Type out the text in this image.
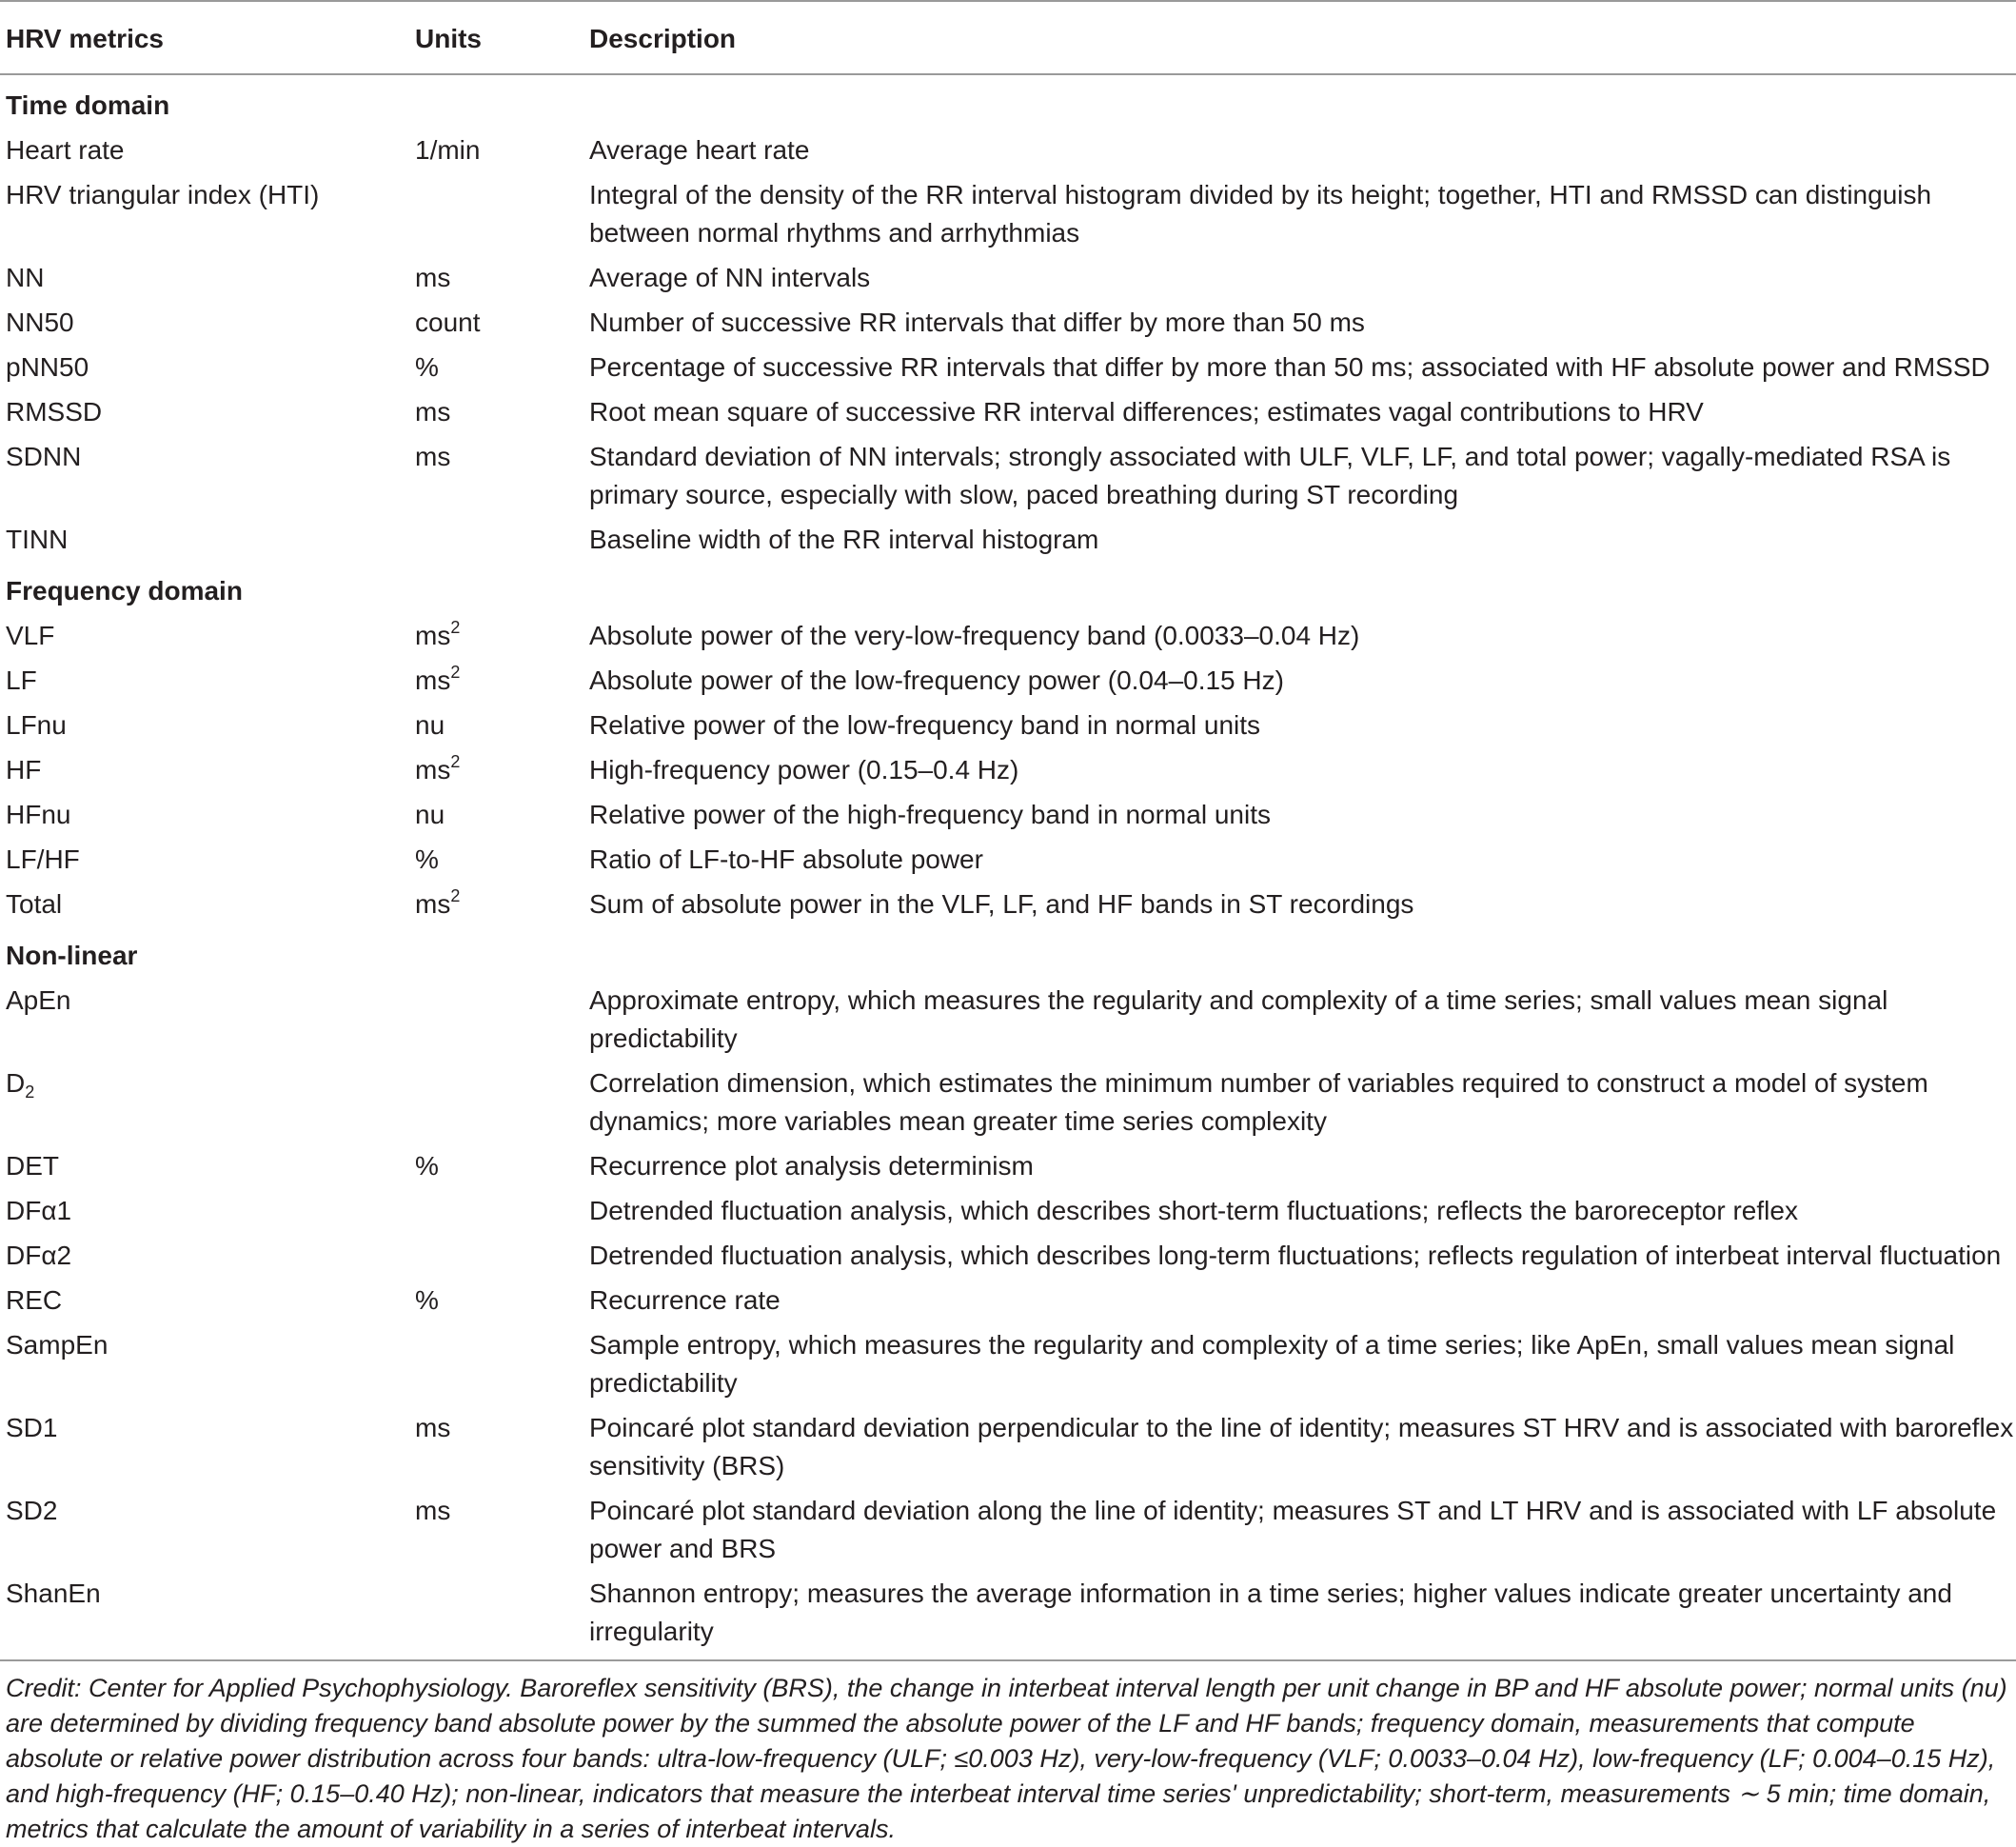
HRV metrics	Units	Description
Time domain		
Heart rate	1/min	Average heart rate
HRV triangular index (HTI)		Integral of the density of the RR interval histogram divided by its height; together, HTI and RMSSD can distinguish between normal rhythms and arrhythmias
NN	ms	Average of NN intervals
NN50	count	Number of successive RR intervals that differ by more than 50 ms
pNN50	%	Percentage of successive RR intervals that differ by more than 50 ms; associated with HF absolute power and RMSSD
RMSSD	ms	Root mean square of successive RR interval differences; estimates vagal contributions to HRV
SDNN	ms	Standard deviation of NN intervals; strongly associated with ULF, VLF, LF, and total power; vagally-mediated RSA is primary source, especially with slow, paced breathing during ST recording
TINN		Baseline width of the RR interval histogram
Frequency domain		
VLF	$ms^2$	Absolute power of the very-low-frequency band (0.0033–0.04 Hz)
LF	$ms^2$	Absolute power of the low-frequency power (0.04–0.15 Hz)
LFnu	nu	Relative power of the low-frequency band in normal units
HF	$ms^2$	High-frequency power (0.15–0.4 Hz)
HFnu	nu	Relative power of the high-frequency band in normal units
LF/HF	%	Ratio of LF-to-HF absolute power
Total	$ms^2$	Sum of absolute power in the VLF, LF, and HF bands in ST recordings
Non-linear		
ApEn		Approximate entropy, which measures the regularity and complexity of a time series; small values mean signal predictability
$D_2$		Correlation dimension, which estimates the minimum number of variables required to construct a model of system dynamics; more variables mean greater time series complexity
DET	%	Recurrence plot analysis determinism
DFα1		Detrended fluctuation analysis, which describes short-term fluctuations; reflects the baroreceptor reflex
DFα2		Detrended fluctuation analysis, which describes long-term fluctuations; reflects regulation of interbeat interval fluctuation
REC	%	Recurrence rate
SampEn		Sample entropy, which measures the regularity and complexity of a time series; like ApEn, small values mean signal predictability
SD1	ms	Poincaré plot standard deviation perpendicular to the line of identity; measures ST HRV and is associated with baroreflex sensitivity (BRS)
SD2	ms	Poincaré plot standard deviation along the line of identity; measures ST and LT HRV and is associated with LF absolute power and BRS
ShanEn		Shannon entropy; measures the average information in a time series; higher values indicate greater uncertainty and irregularity
Credit: Center for Applied Psychophysiology. Baroreflex sensitivity (BRS), the change in interbeat interval length per unit change in BP and HF absolute power; normal units (nu) are determined by dividing frequency band absolute power by the summed the absolute power of the LF and HF bands; frequency domain, measurements that compute absolute or relative power distribution across four bands: ultra-low-frequency (ULF; ≤0.003 Hz), very-low-frequency (VLF; 0.0033–0.04 Hz), low-frequency (LF; 0.004–0.15 Hz), and high-frequency (HF; 0.15–0.40 Hz); non-linear, indicators that measure the interbeat interval time series' unpredictability; short-term, measurements ∼ 5 min; time domain, metrics that calculate the amount of variability in a series of interbeat intervals.
